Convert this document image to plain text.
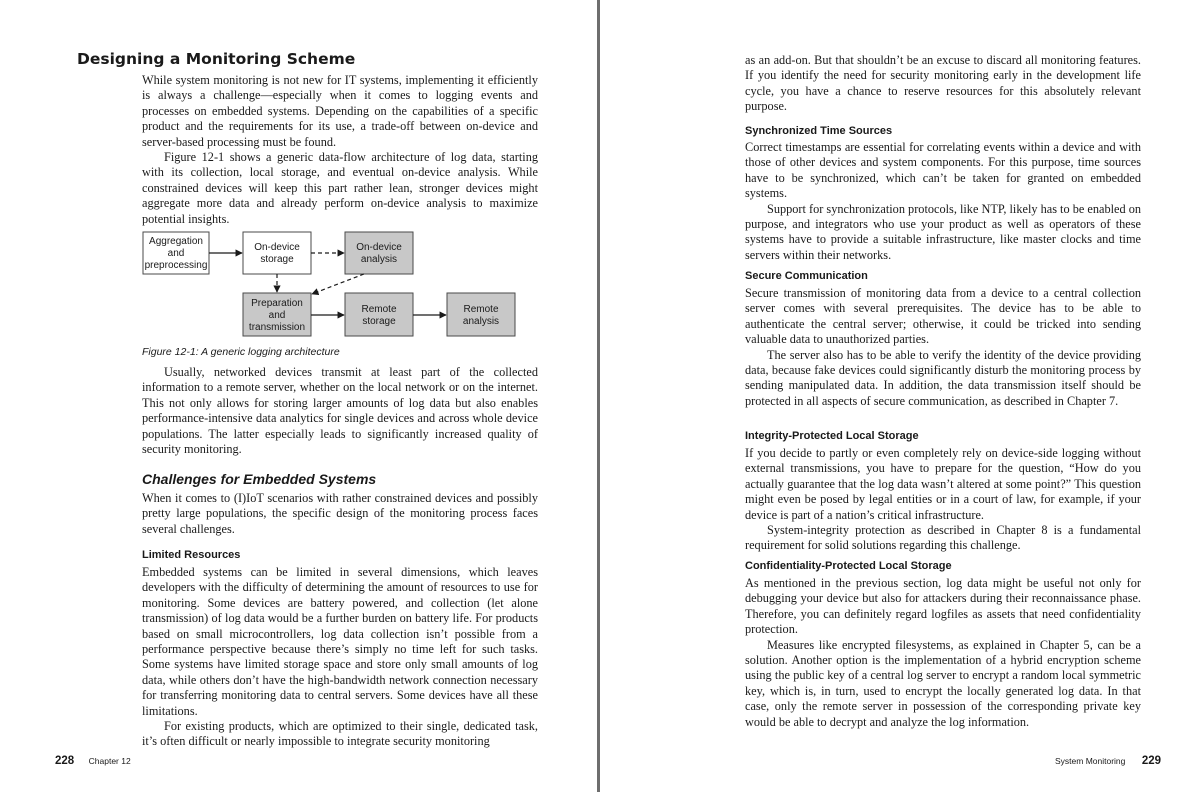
Designing a Monitoring Scheme

While system monitoring is not new for IT systems, implementing it efficiently is always a challenge—especially when it comes to logging events and processes on embedded systems. Depending on the capabilities of a specific product and the requirements for its use, a trade-off between on-device and server-based processing must be found.

Figure 12-1 shows a generic data-flow architecture of log data, starting with its collection, local storage, and eventual on-device analysis. While constrained devices will keep this part rather lean, stronger devices might aggregate more data and already perform on-device analysis to maximize potential insights.

Aggregation
and
preprocessing
On-device
storage
On-device
analysis
Preparation
and
transmission
Remote
storage
Remote
analysis

Figure 12-1: A generic logging architecture

Usually, networked devices transmit at least part of the collected information to a remote server, whether on the local network or on the internet. This not only allows for storing larger amounts of log data but also enables performance-intensive data analytics for single devices and across whole device populations. The latter especially leads to significantly increased quality of security monitoring.

Challenges for Embedded Systems

When it comes to (I)IoT scenarios with rather constrained devices and possibly pretty large populations, the specific design of the monitoring process faces several challenges.

Limited Resources

Embedded systems can be limited in several dimensions, which leaves developers with the difficulty of determining the amount of resources to use for monitoring. Some devices are battery powered, and collection (let alone transmission) of log data would be a further burden on battery life. For products based on small microcontrollers, log data collection isn’t possible from a performance perspective because there’s simply no time left for such tasks. Some systems have limited storage space and store only small amounts of log data, while others don’t have the high-bandwidth network connection necessary for transferring monitoring data to central servers. Some devices have all these limitations.

For existing products, which are optimized to their single, dedicated task, it’s often difficult or nearly impossible to integrate security monitoring

228 Chapter 12

as an add-on. But that shouldn’t be an excuse to discard all monitoring features. If you identify the need for security monitoring early in the development life cycle, you have a chance to reserve resources for this absolutely relevant purpose.

Synchronized Time Sources

Correct timestamps are essential for correlating events within a device and with those of other devices and system components. For this purpose, time sources have to be synchronized, which can’t be taken for granted on embedded systems.

Support for synchronization protocols, like NTP, likely has to be enabled on purpose, and integrators who use your product as well as operators of these systems have to provide a suitable infrastructure, like master clocks and time servers within their networks.

Secure Communication

Secure transmission of monitoring data from a device to a central collection server comes with several prerequisites. The device has to be able to authenticate the central server; otherwise, it could be tricked into sending valuable data to unauthorized parties.

The server also has to be able to verify the identity of the device providing data, because fake devices could significantly disturb the monitoring process by sending manipulated data. In addition, the data transmission itself should be protected in all aspects of secure communication, as described in Chapter 7.

Integrity-Protected Local Storage

If you decide to partly or even completely rely on device-side logging without external transmissions, you have to prepare for the question, “How do you actually guarantee that the log data wasn’t altered at some point?” This question might even be posed by legal entities or in a court of law, for example, if your device is part of a nation’s critical infrastructure.

System-integrity protection as described in Chapter 8 is a fundamental requirement for solid solutions regarding this challenge.

Confidentiality-Protected Local Storage

As mentioned in the previous section, log data might be useful not only for debugging your device but also for attackers during their reconnaissance phase. Therefore, you can definitely regard logfiles as assets that need confidentiality protection.

Measures like encrypted filesystems, as explained in Chapter 5, can be a solution. Another option is the implementation of a hybrid encryption scheme using the public key of a central log server to encrypt a random local symmetric key, which is, in turn, used to encrypt the locally generated log data. In that case, only the remote server in possession of the corresponding private key would be able to decrypt and analyze the log information.

System Monitoring 229
